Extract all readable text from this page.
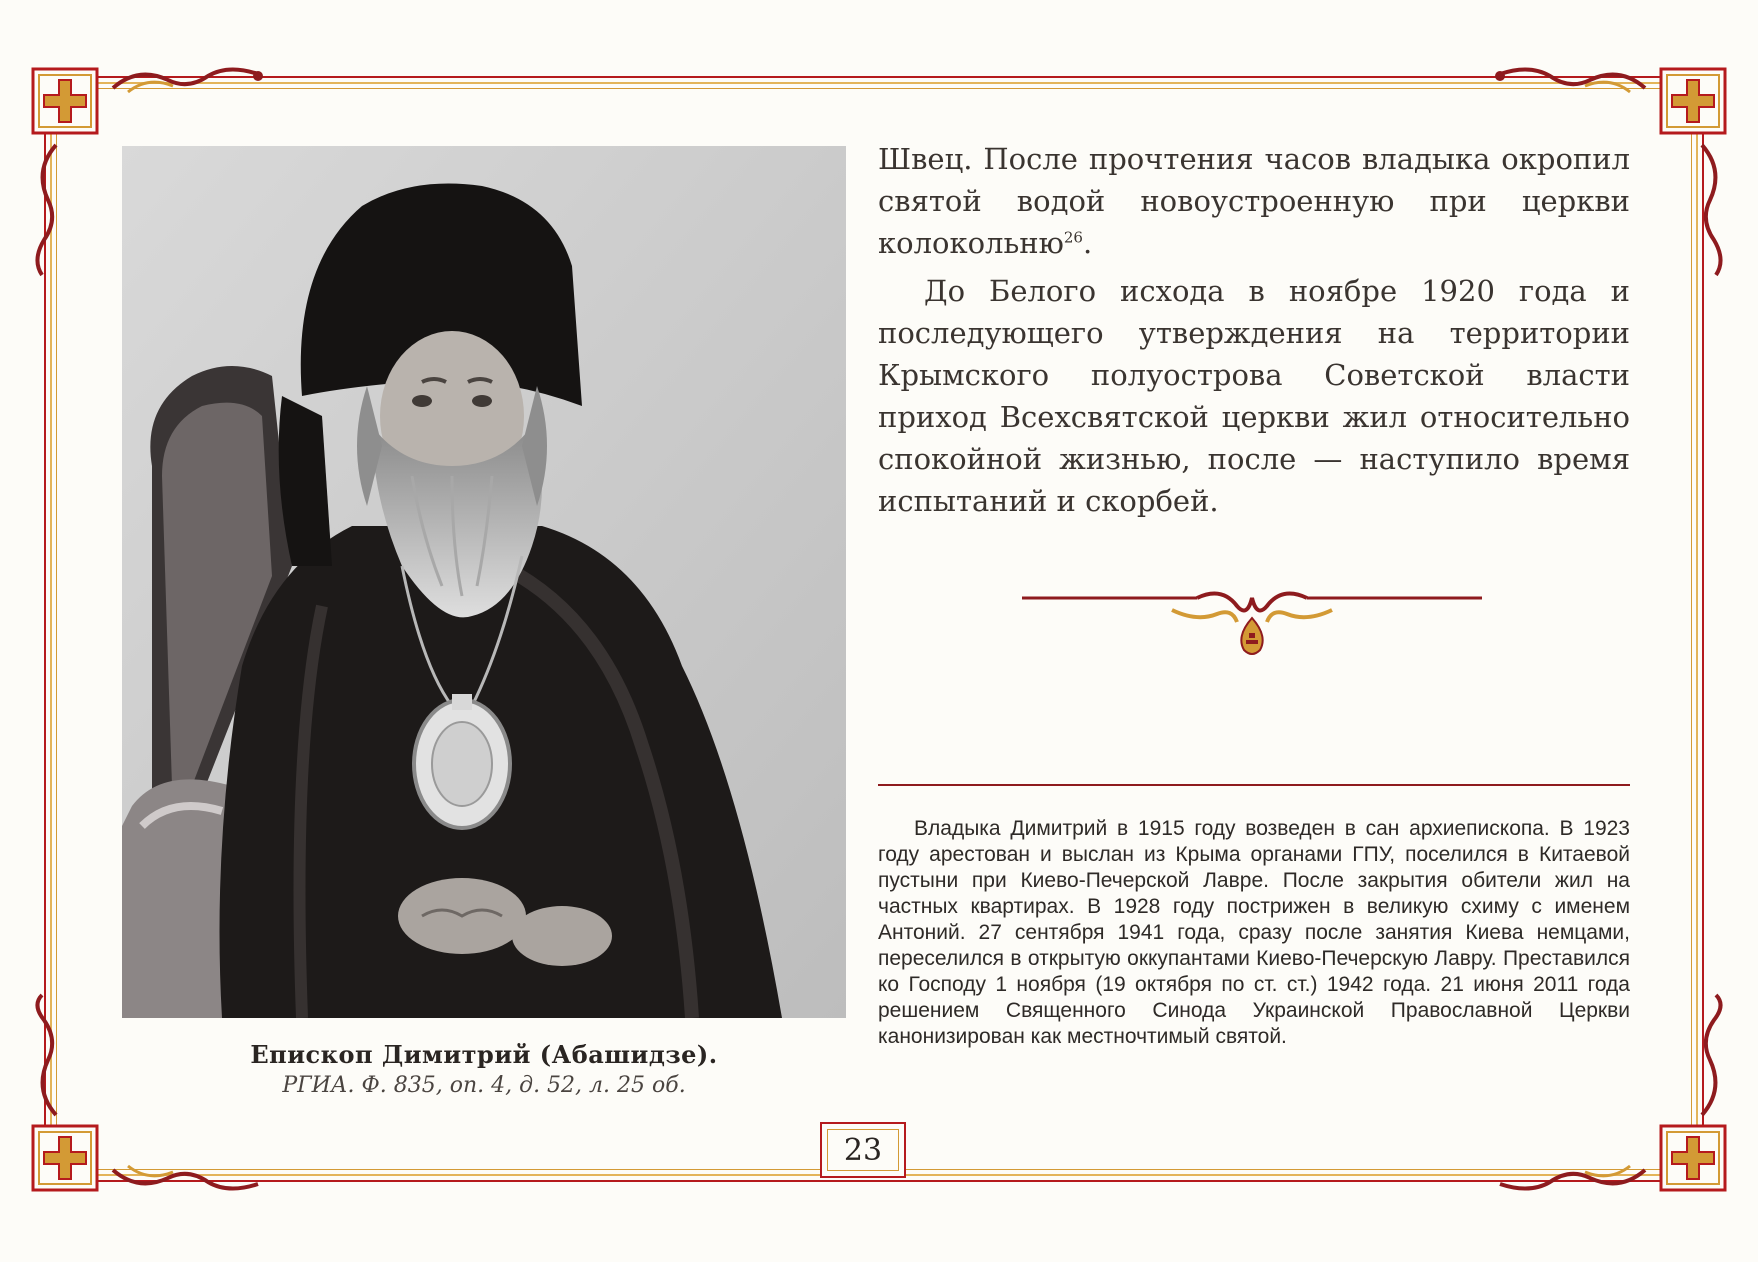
Епископ Димитрий (Абашидзе).
РГИА. Ф. 835, оп. 4, д. 52, л. 25 об.

Швец. После прочтения часов владыка окропил святой водой новоустроенную при церкви колокольню$^{26}$.

До Белого исхода в ноябре 1920 года и последующего утверждения на территории Крымского полуострова Советской власти приход Всехсвятской церкви жил относительно спокойной жизнью, после — наступило время испытаний и скорбей.

Владыка Димитрий в 1915 году возведен в сан архиепископа. В 1923 году арестован и выслан из Крыма органами ГПУ, поселился в Китаевой пустыни при Киево-Печерской Лавре. После закрытия обители жил на частных квартирах. В 1928 году пострижен в великую схиму с именем Антоний. 27 сентября 1941 года, сразу после занятия Киева немцами, переселился в открытую оккупантами Киево-Печерскую Лавру. Преставился ко Господу 1 ноября (19 октября по ст. ст.) 1942 года. 21 июня 2011 года решением Священного Синода Украинской Православной Церкви канонизирован как местночтимый святой.

23
